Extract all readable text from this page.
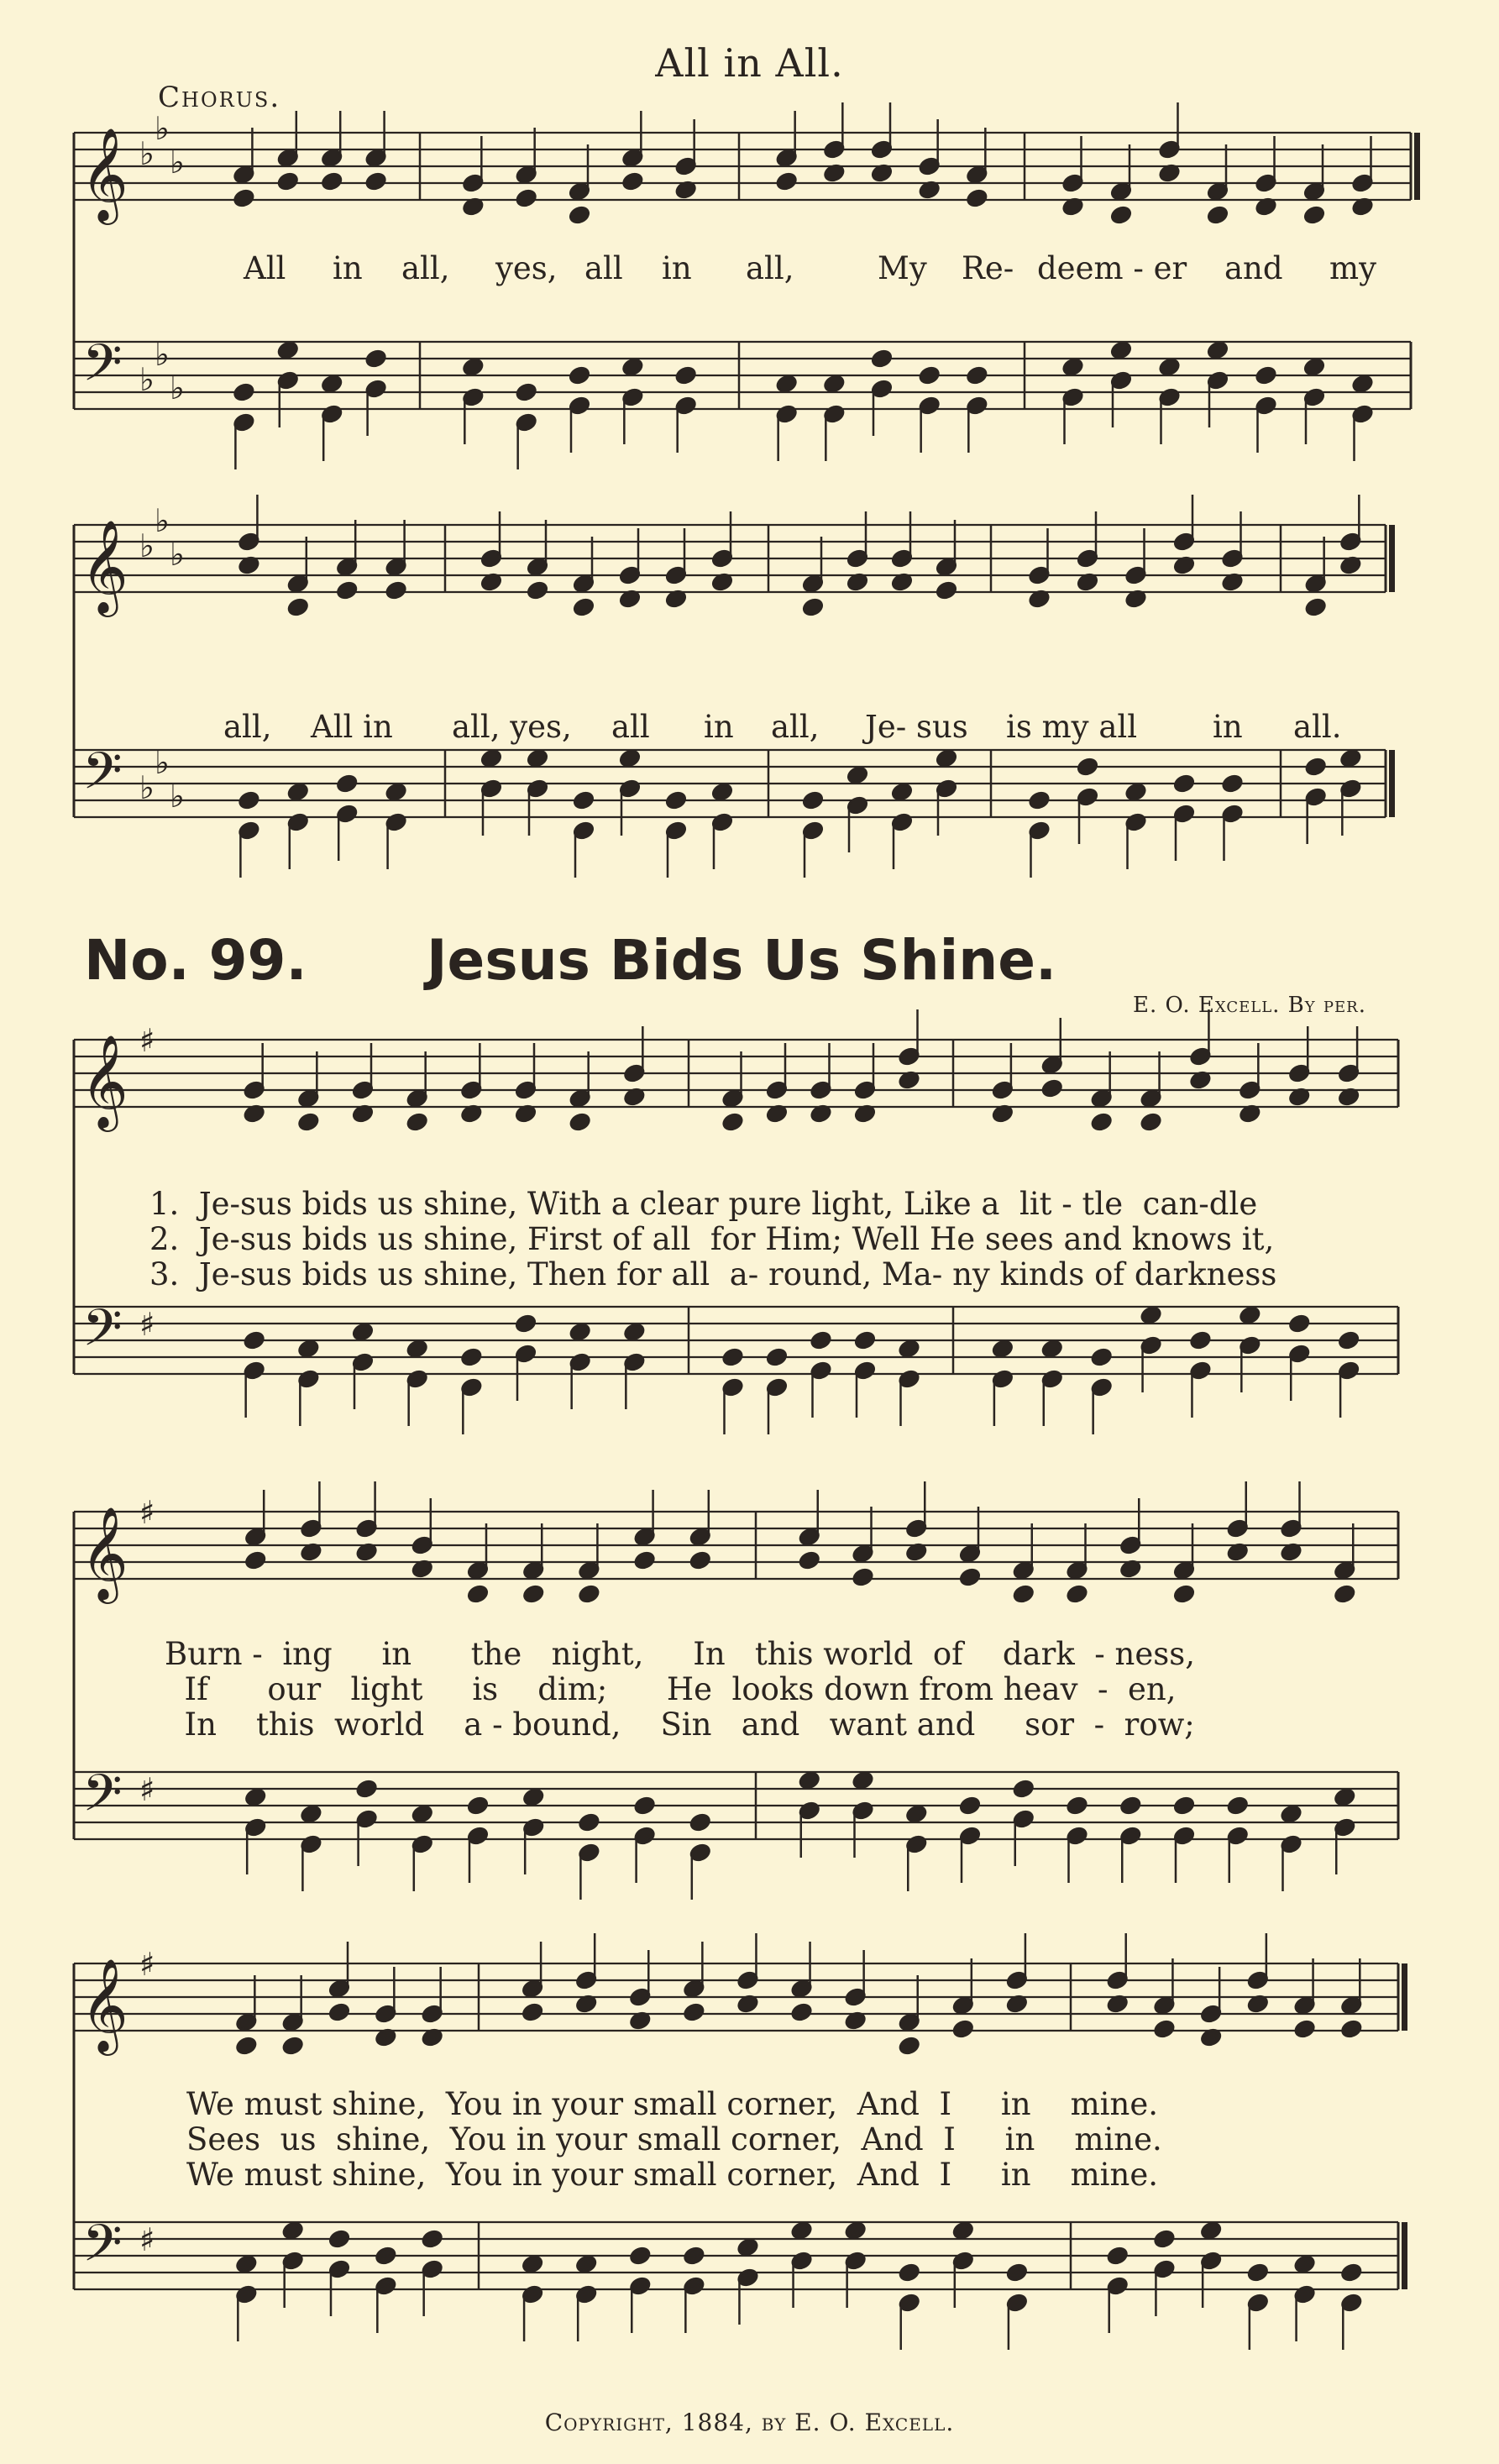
All in All.
Chorus.
No. 99. Jesus Bids Us Shine.
E. O. Excell. By per.
Copyright, 1884, by E. O. Excell.
All in all, yes, all in all,	My Re- deem - er and my
all, All in all, yes, all in all, Je- sus is my all in all.
1.  Je-sus bids us shine, With a clear pure light, Like a  lit - tle  can-dle
2.  Je-sus bids us shine, First of all  for Him; Well He sees and knows it,
3.  Je-sus bids us shine, Then for all  a- round, Ma- ny kinds of darkness
Burn -  ing     in      the   night,     In   this world  of    dark  - ness,
If      our   light     is    dim;      He  looks down from heav  -  en,
In    this  world    a - bound,    Sin   and   want and     sor  -  row;
We must shine,  You in your small corner,  And  I     in    mine.
Sees  us  shine,  You in your small corner,  And  I     in    mine.
We must shine,  You in your small corner,  And  I     in    mine.
𝄞
𝄢
♭
♭
♭
♭
♭
♭
𝄞
𝄢
♭
♭
♭
♭
♭
♭
𝄞
𝄢
♯
♯
𝄞
𝄢
♯
♯
𝄞
𝄢
♯
♯
